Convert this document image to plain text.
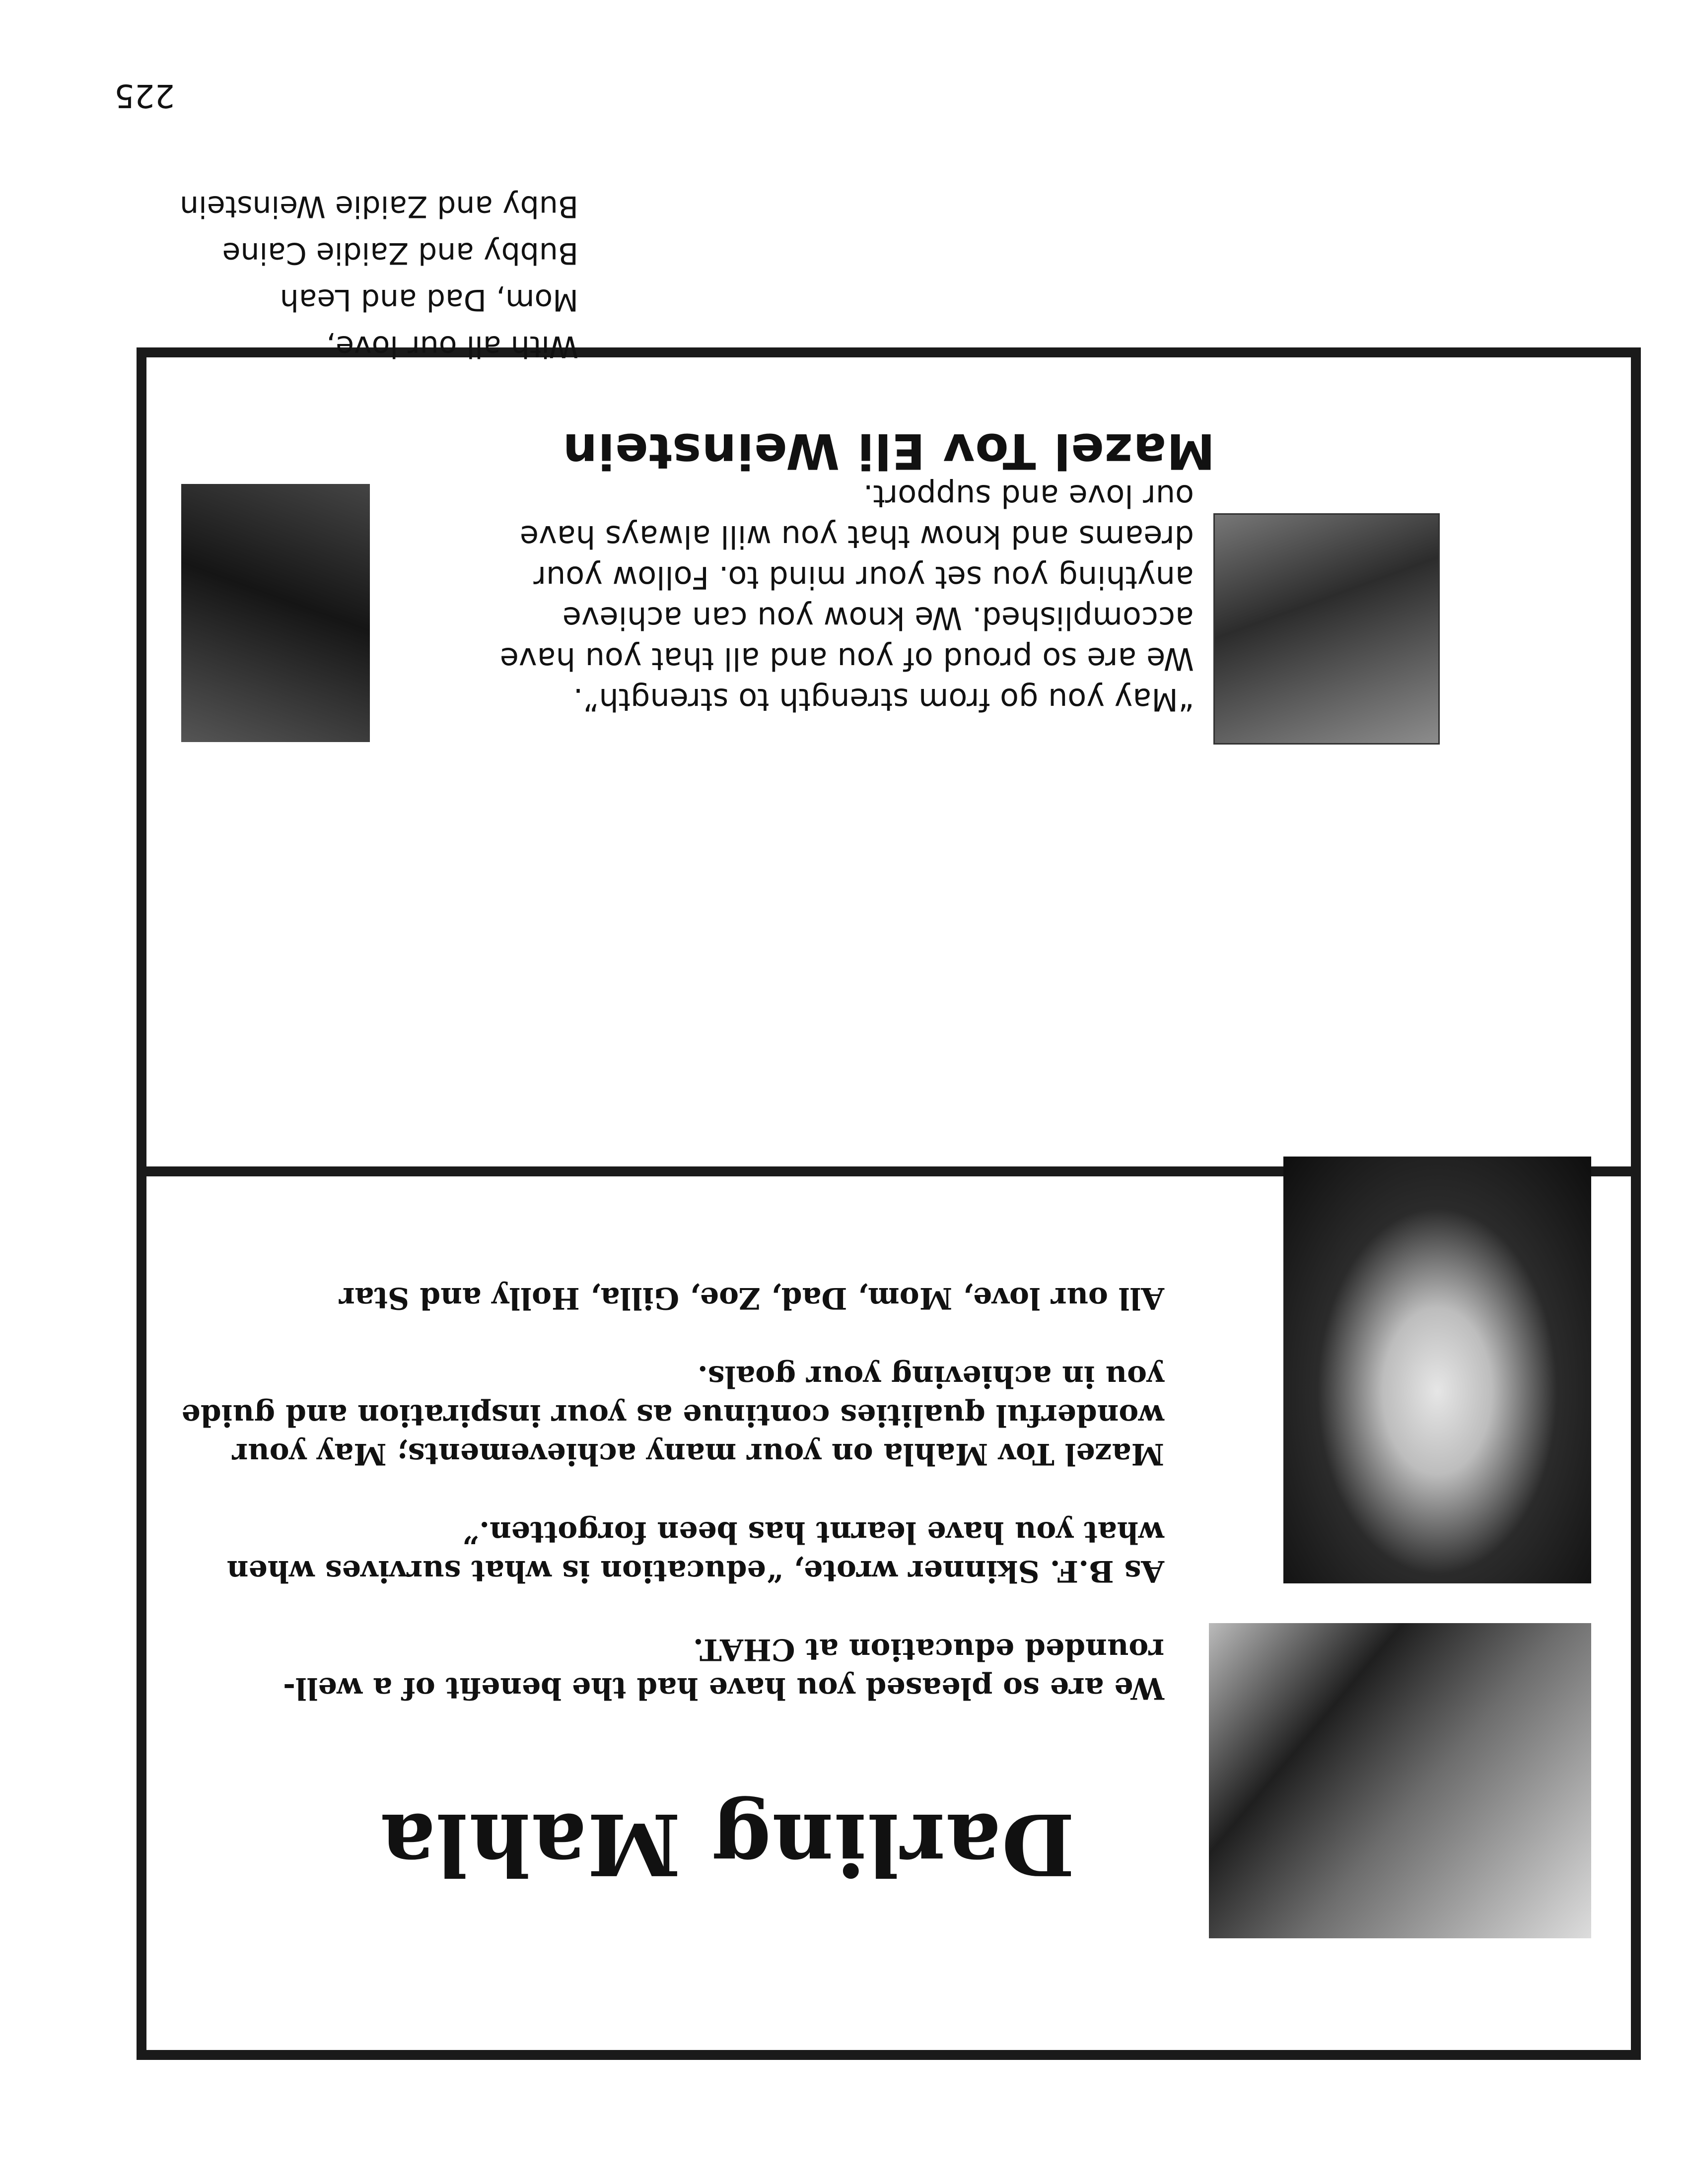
Mazel Tov Eli Weinstein

“May you go from strength to strength”.

We are so proud of you and all that you have

accomplished. We know you can achieve

anything you set your mind to. Follow your

dreams and know that you will always have

our love and support.

With all our love,
Mom, Dad and Leah
Bubby and Zaidie Caine
Buby and Zaidie Weinstein
Darling Mahla

We are so pleased you have had the benefit of a well-rounded education at CHAT.

As B.F. Skinner wrote, “education is what survives when what you have learnt has been forgotten.”

Mazel Tov Mahla on your many achievements; May your wonderful qualities continue as your inspiration and guide you in achieving your goals.

All our love, Mom, Dad, Zoe, Gilla, Holly and Star

225
